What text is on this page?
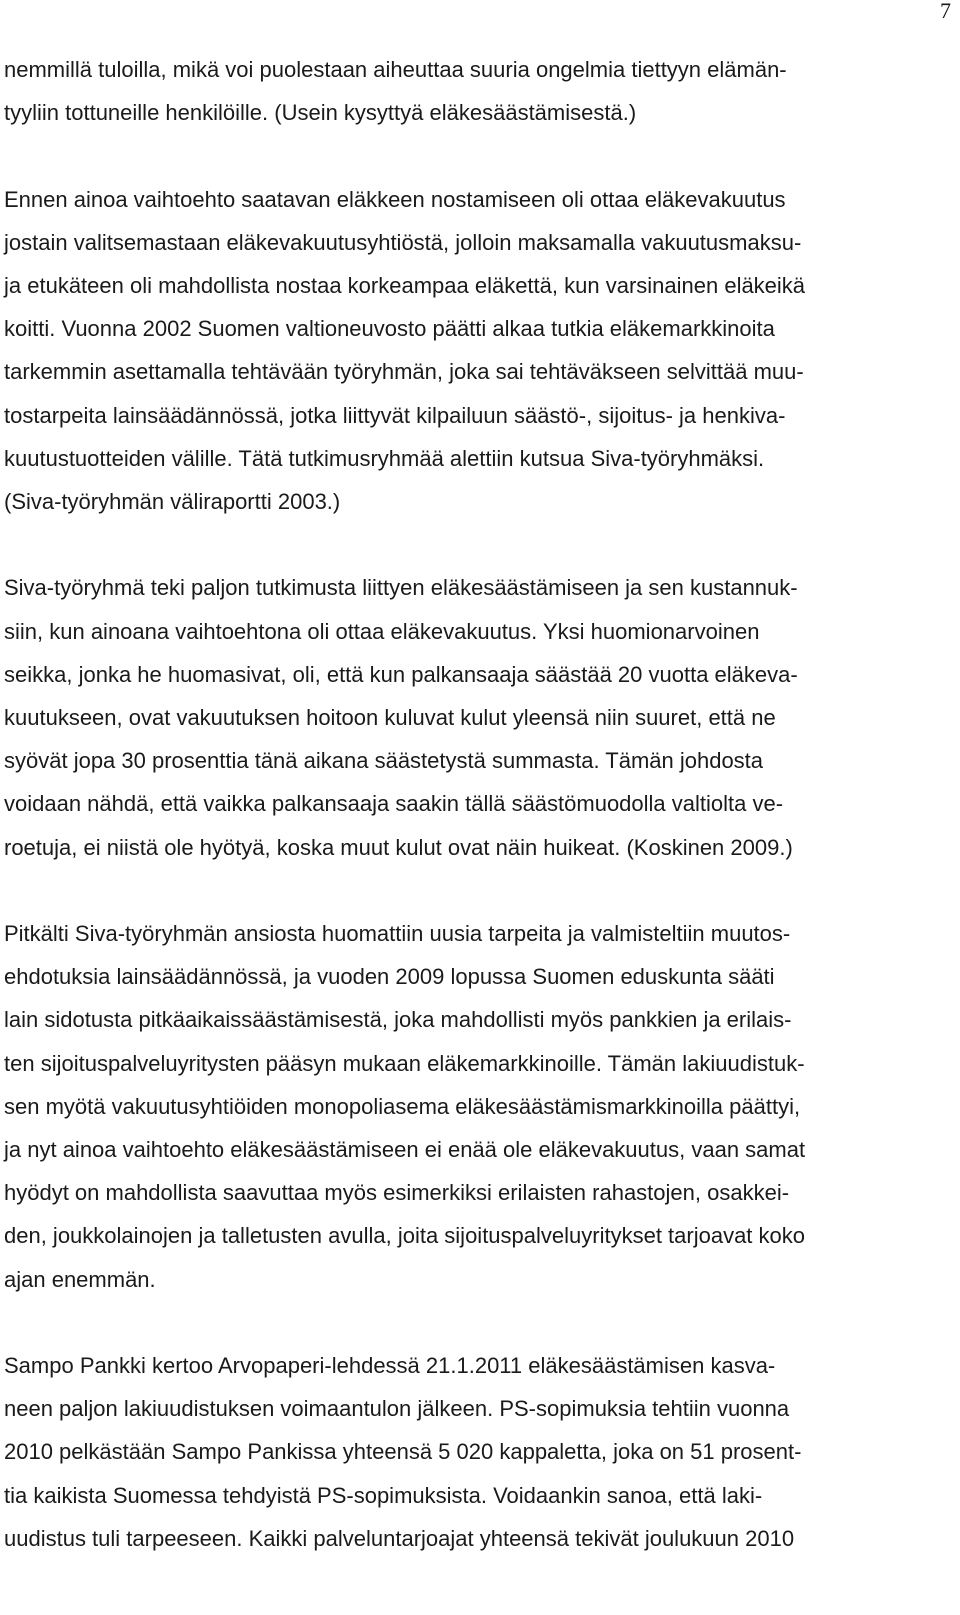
7
nemmillä tuloilla, mikä voi puolestaan aiheuttaa suuria ongelmia tiettyyn elämän-
tyyliin tottuneille henkilöille. (Usein kysyttyä eläkesäästämisestä.)
Ennen ainoa vaihtoehto saatavan eläkkeen nostamiseen oli ottaa eläkevakuutus
jostain valitsemastaan eläkevakuutusyhtiöstä, jolloin maksamalla vakuutusmaksu-
ja etukäteen oli mahdollista nostaa korkeampaa eläkettä, kun varsinainen eläkeikä
koitti. Vuonna 2002 Suomen valtioneuvosto päätti alkaa tutkia eläkemarkkinoita
tarkemmin asettamalla tehtävään työryhmän, joka sai tehtäväkseen selvittää muu-
tostarpeita lainsäädännössä, jotka liittyvät kilpailuun säästö-, sijoitus- ja henkiva-
kuutustuotteiden välille. Tätä tutkimusryhmää alettiin kutsua Siva-työryhmäksi.
(Siva-työryhmän väliraportti 2003.)
Siva-työryhmä teki paljon tutkimusta liittyen eläkesäästämiseen ja sen kustannuk-
siin, kun ainoana vaihtoehtona oli ottaa eläkevakuutus. Yksi huomionarvoinen
seikka, jonka he huomasivat, oli, että kun palkansaaja säästää 20 vuotta eläkeva-
kuutukseen, ovat vakuutuksen hoitoon kuluvat kulut yleensä niin suuret, että ne
syövät jopa 30 prosenttia tänä aikana säästetystä summasta. Tämän johdosta
voidaan nähdä, että vaikka palkansaaja saakin tällä säästömuodolla valtiolta ve-
roetuja, ei niistä ole hyötyä, koska muut kulut ovat näin huikeat. (Koskinen 2009.)
Pitkälti Siva-työryhmän ansiosta huomattiin uusia tarpeita ja valmisteltiin muutos-
ehdotuksia lainsäädännössä, ja vuoden 2009 lopussa Suomen eduskunta sääti
lain sidotusta pitkäaikaissäästämisestä, joka mahdollisti myös pankkien ja erilais-
ten sijoituspalveluyritysten pääsyn mukaan eläkemarkkinoille. Tämän lakiuudistuk-
sen myötä vakuutusyhtiöiden monopoliasema eläkesäästämismarkkinoilla päättyi,
ja nyt ainoa vaihtoehto eläkesäästämiseen ei enää ole eläkevakuutus, vaan samat
hyödyt on mahdollista saavuttaa myös esimerkiksi erilaisten rahastojen, osakkei-
den, joukkolainojen ja talletusten avulla, joita sijoituspalveluyritykset tarjoavat koko
ajan enemmän.
Sampo Pankki kertoo Arvopaperi-lehdessä 21.1.2011 eläkesäästämisen kasva-
neen paljon lakiuudistuksen voimaantulon jälkeen. PS-sopimuksia tehtiin vuonna
2010 pelkästään Sampo Pankissa yhteensä 5 020 kappaletta, joka on 51 prosent-
tia kaikista Suomessa tehdyistä PS-sopimuksista. Voidaankin sanoa, että laki-
uudistus tuli tarpeeseen. Kaikki palveluntarjoajat yhteensä tekivät joulukuun 2010
